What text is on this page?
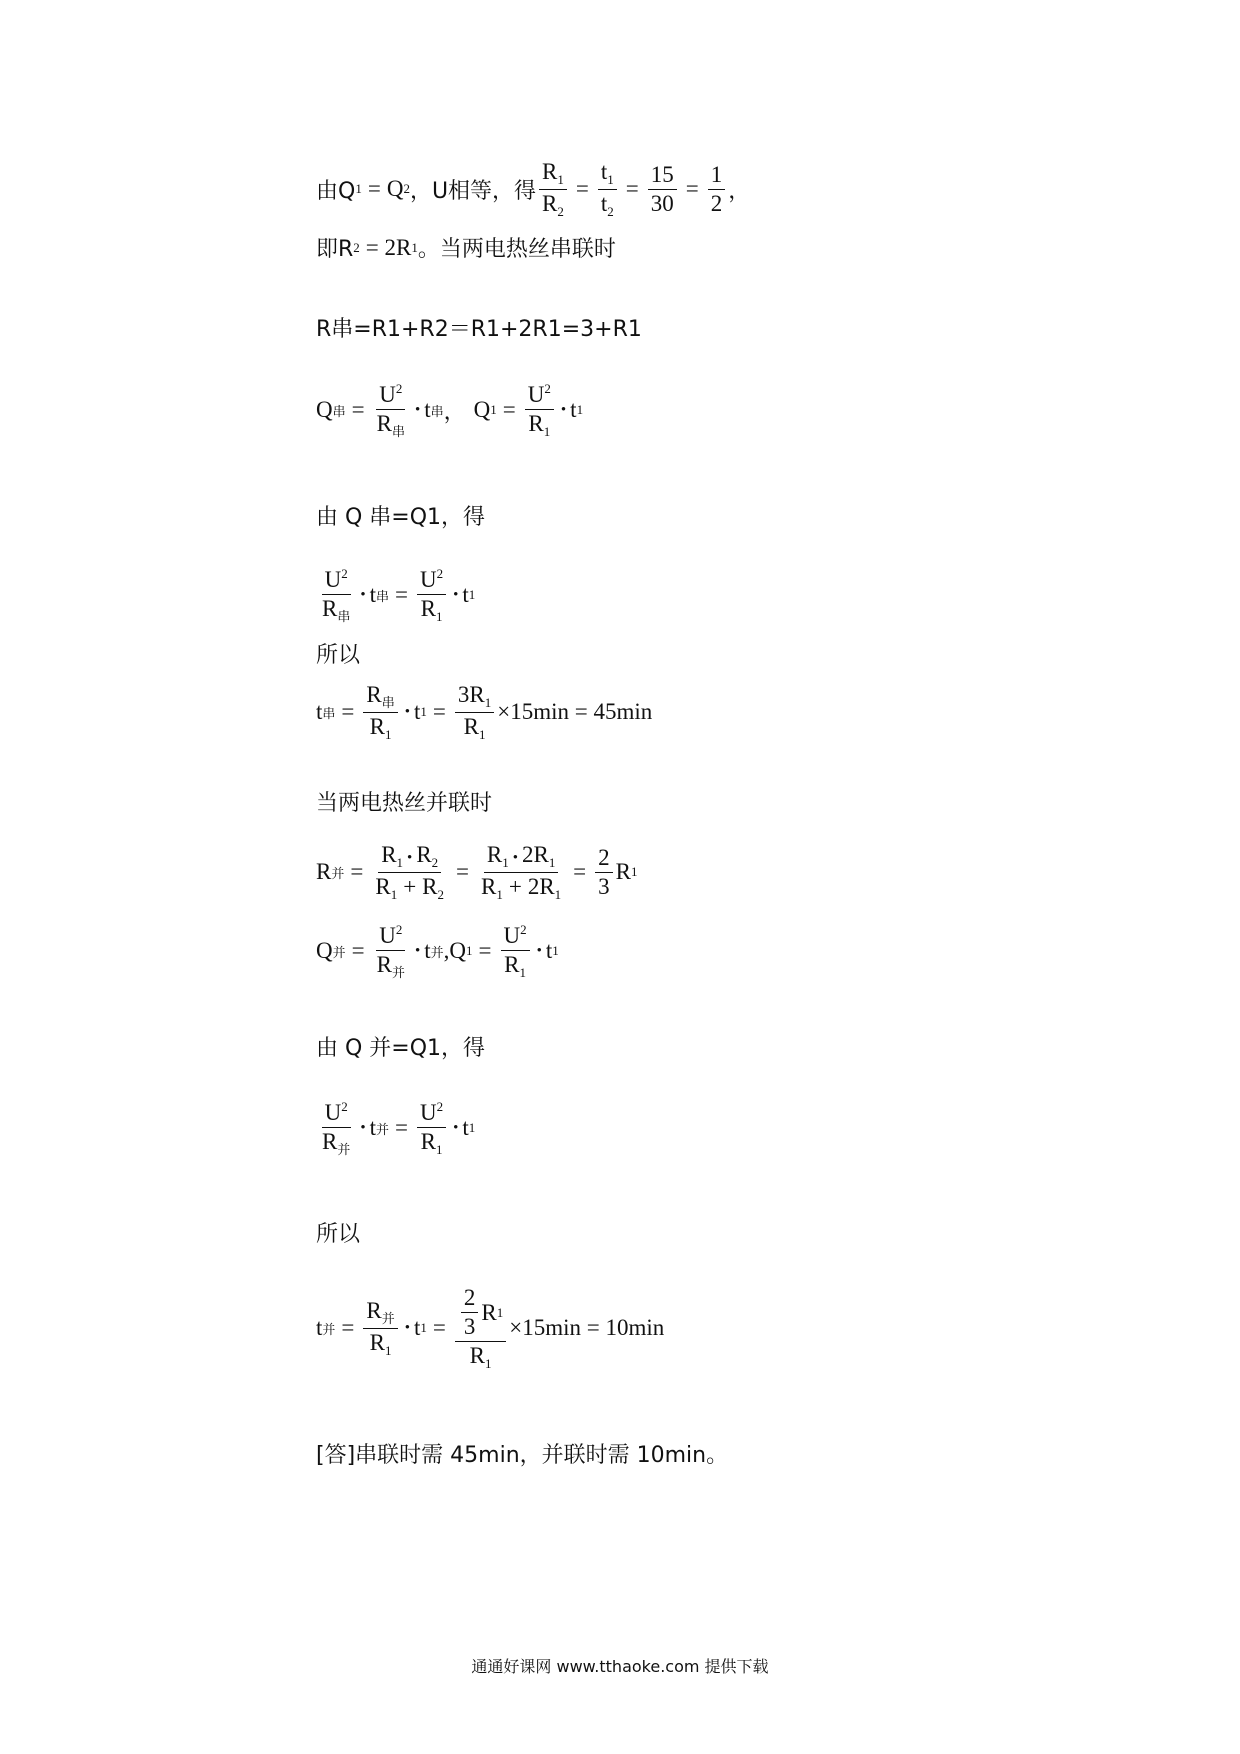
由Q 1 = Q 2 ，U相等，得 $\frac{R_1}{R_2} = \frac{t_1}{t_2} = \frac{15}{30} = \frac{1}{2}$ ，
即R 2 = 2R 1 。当两电热丝串联时
R串=R1+R2＝R1+2R1=3+R1
Q 串 = $\frac{U^2}{R_串}$ • t 串 ， Q $1 = \frac{U^2}{R_1}$ • t 1
由 Q 串=Q1，得
$\frac{U^2}{R_串}$ • t 串 = $\frac{U^2}{R_1}$ • t 1
所以
t 串 = $\frac{R_串}{R_1}$ • t $1 = \frac{3R_1}{R_1} \times 15\min = 45\min$
当两电热丝并联时
R 并 = $\frac{R_1 • R_2}{R_1 + R_2} = \frac{R_1 • 2R_1}{R_1 + 2R_1} = \frac{2}{3}$ R 1
Q 并 = $\frac{U^2}{R_并}$ • t 并 , Q $1 = \frac{U^2}{R_1}$ • t 1
由 Q 并=Q1，得
$\frac{U^2}{R_并}$ • t 并 = $\frac{U^2}{R_1}$ • t 1
所以
t 并 = $\frac{R_并}{R_1}$ • t $1 = \frac{\frac{2}{3} R 1}{R_1} \times 15\min = 10\min$
[答]串联时需 45min，并联时需 10min。
通通好课网 www.tthaoke.com 提供下载
